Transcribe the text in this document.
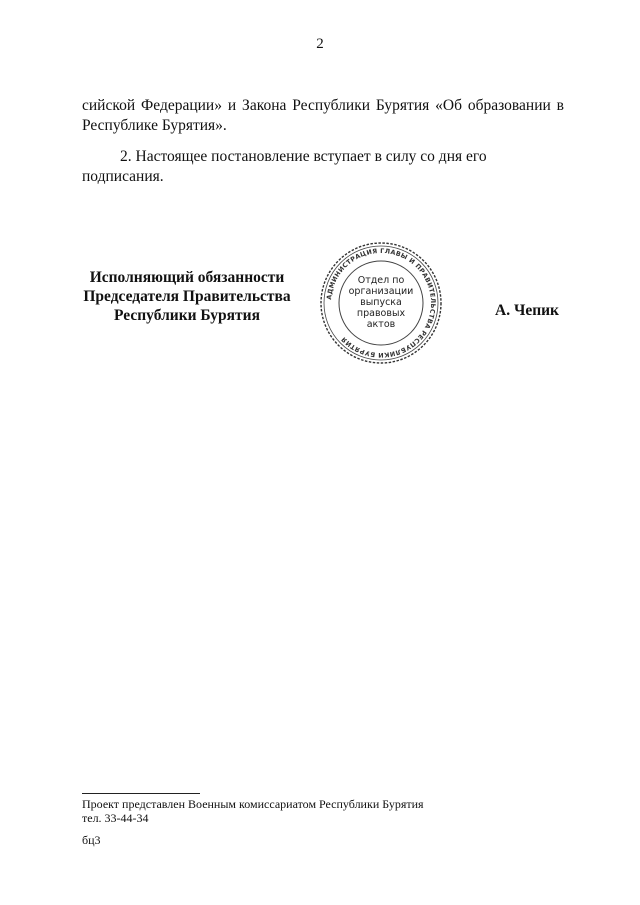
2
сийской Федерации» и Закона Республики Бурятия «Об образовании в
Республике Бурятия».
2. Настоящее постановление вступает в силу со дня его подписания.
Исполняющий обязанности
Председателя Правительства
Республики Бурятия
АДМИНИСТРАЦИЯ ГЛАВЫ И ПРАВИТЕЛЬСТВА РЕСПУБЛИКИ БУРЯТИЯ
Отдел по
организации
выпуска
правовых
актов
А. Чепик
Проект представлен Военным комиссариатом Республики Бурятия
тел. 33-44-34
бц3
